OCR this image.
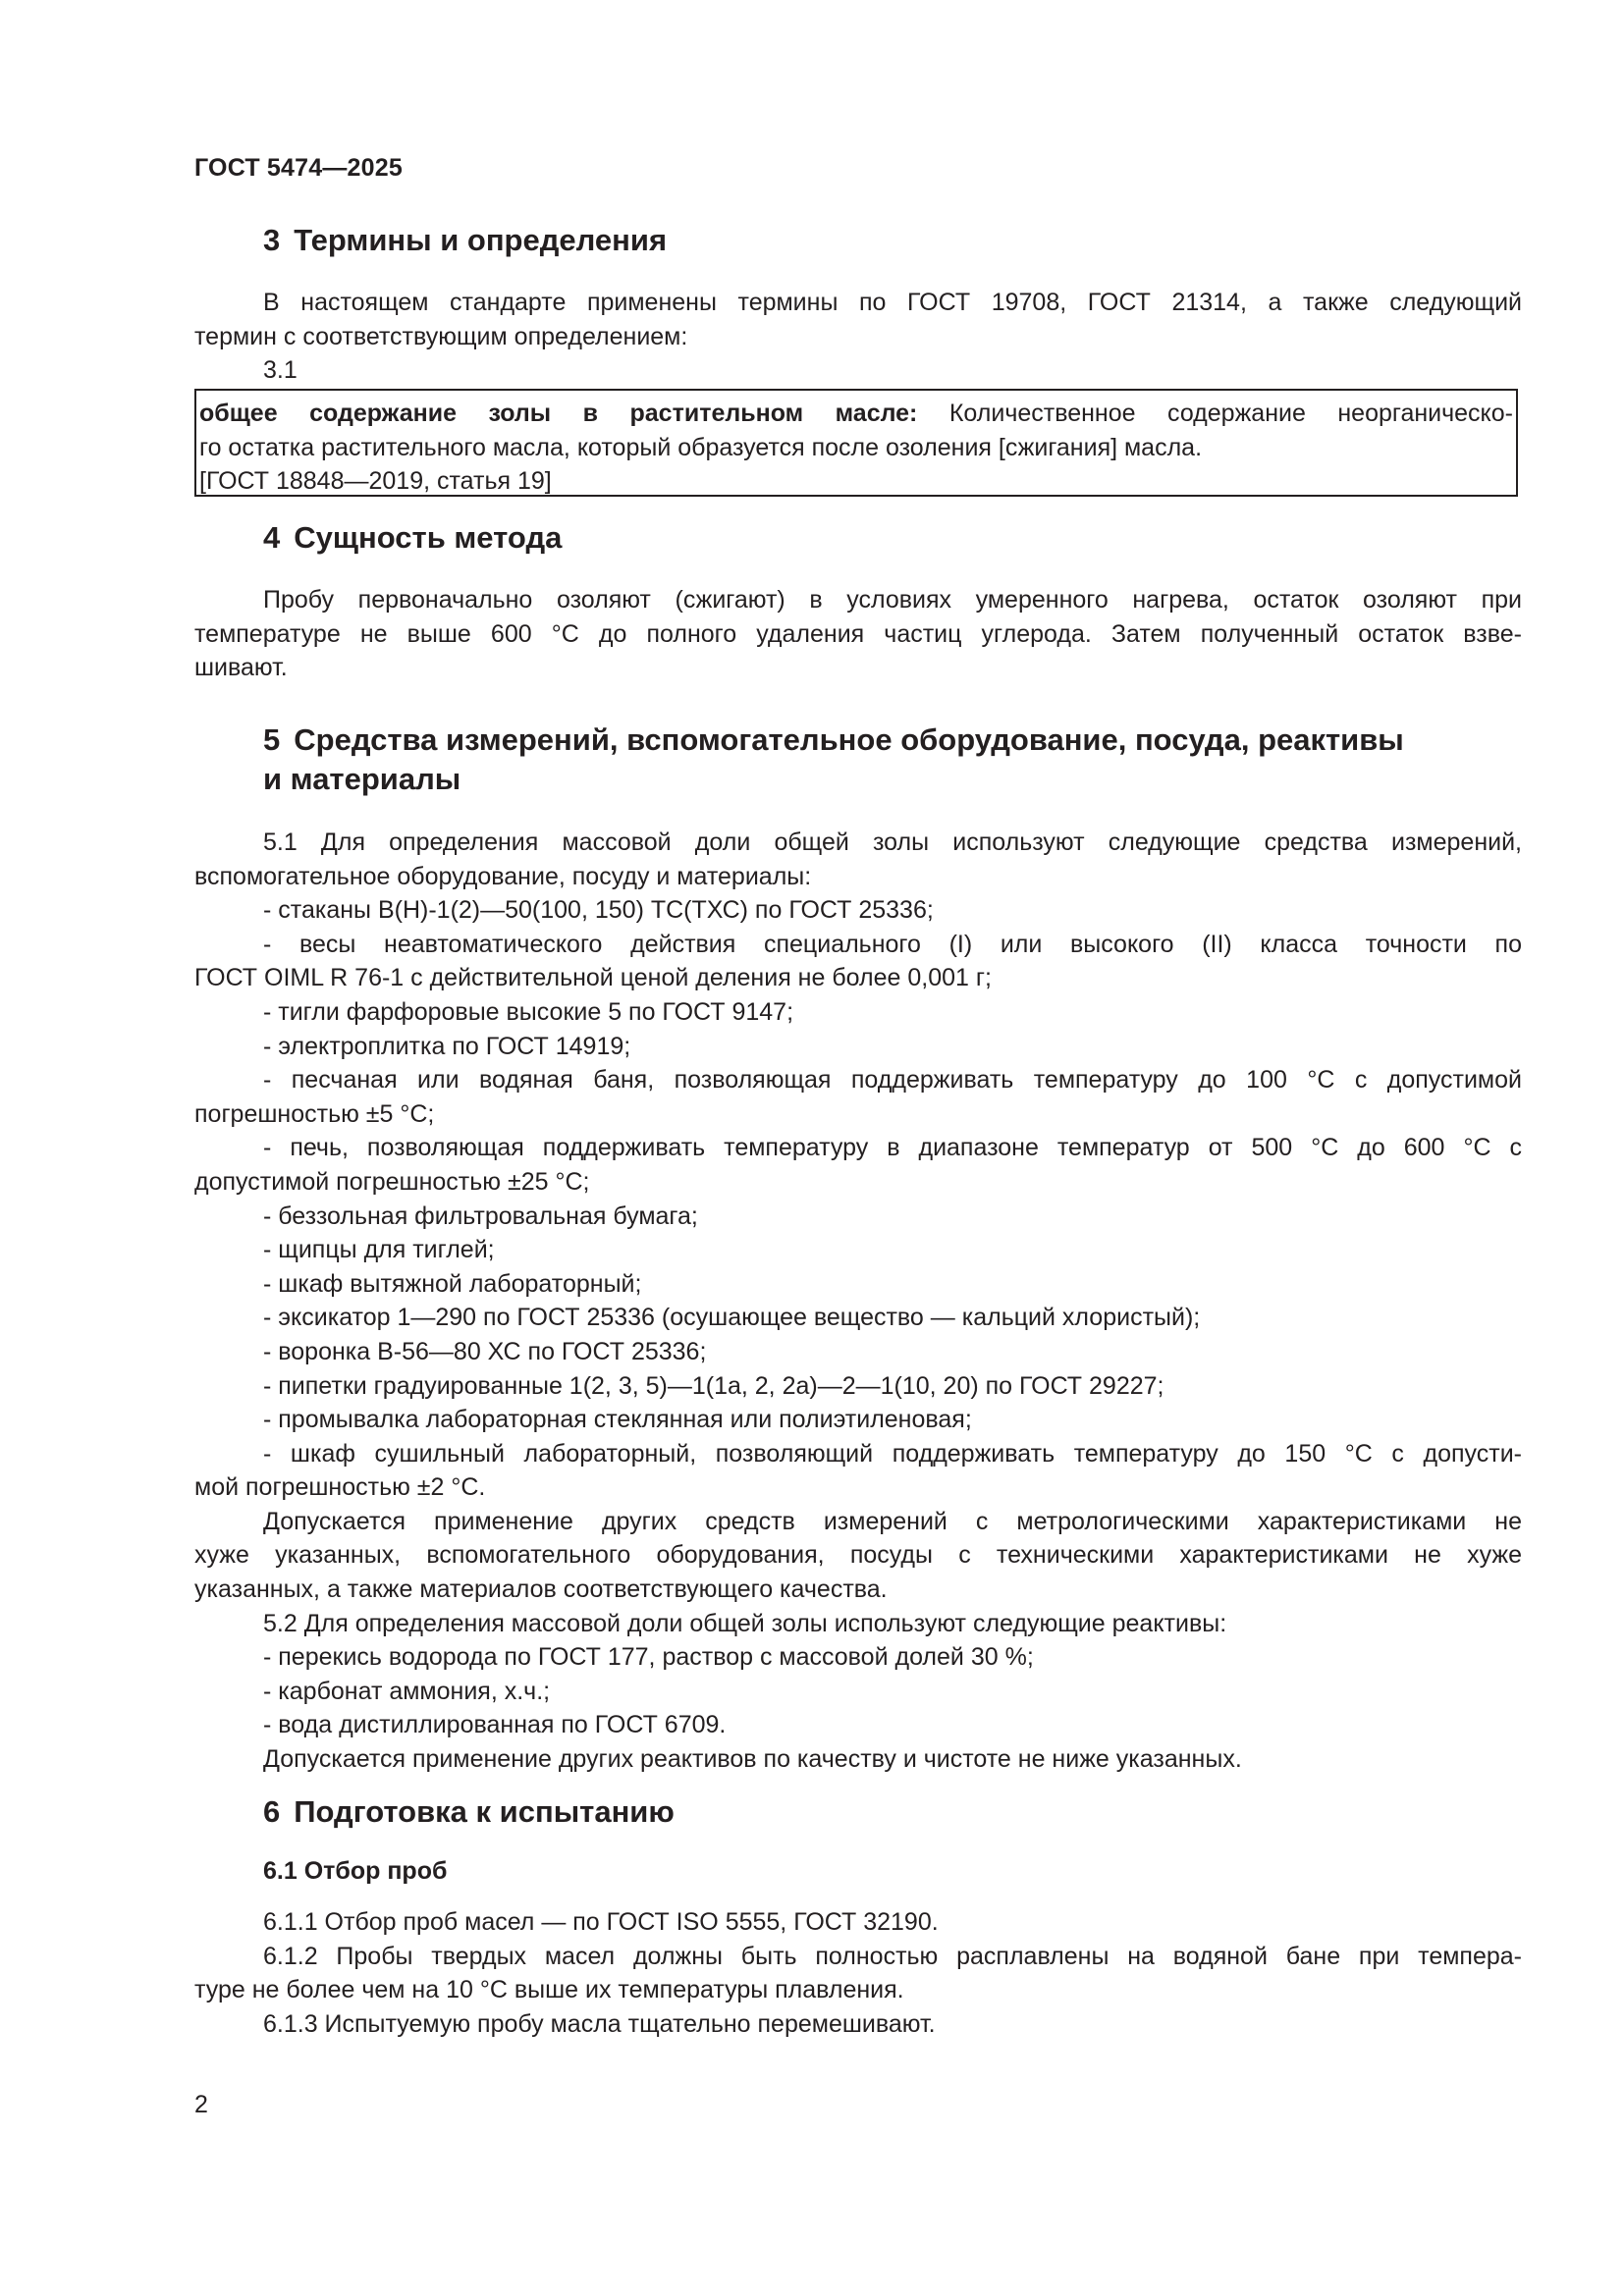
ГОСТ 5474—2025
3 Термины и определения
В настоящем стандарте применены термины по ГОСТ 19708, ГОСТ 21314, а также следующий
термин с соответствующим определением:
3.1
общее содержание золы в растительном масле: Количественное содержание неорганическо-
го остатка растительного масла, который образуется после озоления [сжигания] масла.
[ГОСТ 18848—2019, статья 19]
4 Сущность метода
Пробу первоначально озоляют (сжигают) в условиях умеренного нагрева, остаток озоляют при
температуре не выше 600 °С до полного удаления частиц углерода. Затем полученный остаток взве-
шивают.
5 Средства измерений, вспомогательное оборудование, посуда, реактивы
и материалы
5.1 Для определения массовой доли общей золы используют следующие средства измерений,
вспомогательное оборудование, посуду и материалы:
- стаканы В(Н)-1(2)—50(100, 150) ТС(ТХС) по ГОСТ 25336;
- весы неавтоматического действия специального (I) или высокого (II) класса точности по
ГОСТ OIML R 76-1 с действительной ценой деления не более 0,001 г;
- тигли фарфоровые высокие 5 по ГОСТ 9147;
- электроплитка по ГОСТ 14919;
- песчаная или водяная баня, позволяющая поддерживать температуру до 100 °С с допустимой
погрешностью ±5 °С;
- печь, позволяющая поддерживать температуру в диапазоне температур от 500 °С до 600 °С с
допустимой погрешностью ±25 °С;
- беззольная фильтровальная бумага;
- щипцы для тиглей;
- шкаф вытяжной лабораторный;
- эксикатор 1—290 по ГОСТ 25336 (осушающее вещество — кальций хлористый);
- воронка В-56—80 ХС по ГОСТ 25336;
- пипетки градуированные 1(2, 3, 5)—1(1а, 2, 2а)—2—1(10, 20) по ГОСТ 29227;
- промывалка лабораторная стеклянная или полиэтиленовая;
- шкаф сушильный лабораторный, позволяющий поддерживать температуру до 150 °С с допусти-
мой погрешностью ±2 °С.
Допускается применение других средств измерений с метрологическими характеристиками не
хуже указанных, вспомогательного оборудования, посуды с техническими характеристиками не хуже
указанных, а также материалов соответствующего качества.
5.2 Для определения массовой доли общей золы используют следующие реактивы:
- перекись водорода по ГОСТ 177, раствор с массовой долей 30 %;
- карбонат аммония, х.ч.;
- вода дистиллированная по ГОСТ 6709.
Допускается применение других реактивов по качеству и чистоте не ниже указанных.
6 Подготовка к испытанию
6.1 Отбор проб
6.1.1 Отбор проб масел — по ГОСТ ISO 5555, ГОСТ 32190.
6.1.2 Пробы твердых масел должны быть полностью расплавлены на водяной бане при темпера-
туре не более чем на 10 °С выше их температуры плавления.
6.1.3 Испытуемую пробу масла тщательно перемешивают.
2
